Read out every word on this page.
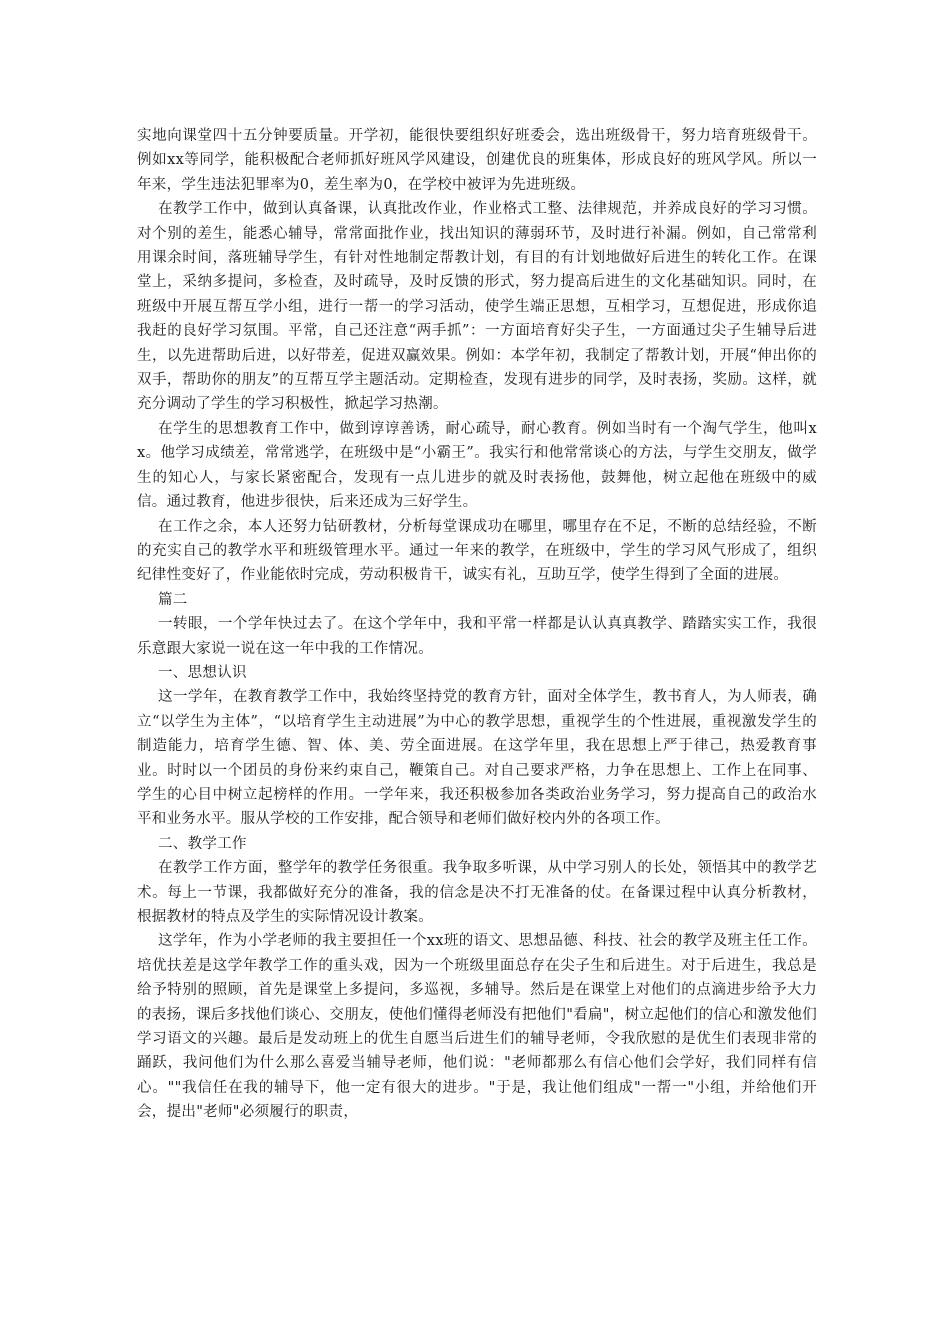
实地向课堂四十五分钟要质量。开学初，能很快要组织好班委会，选出班级骨干，努力培育班级骨干。例如xx等同学，能积极配合老师抓好班风学风建设，创建优良的班集体，形成良好的班风学风。所以一年来，学生违法犯罪率为0，差生率为0，在学校中被评为先进班级。

在教学工作中，做到认真备课，认真批改作业，作业格式工整、法律规范，并养成良好的学习习惯。对个别的差生，能悉心辅导，常常面批作业，找出知识的薄弱环节，及时进行补漏。例如，自己常常利用课余时间，落班辅导学生，有针对性地制定帮教计划，有目的有计划地做好后进生的转化工作。在课堂上，采纳多提问，多检查，及时疏导，及时反馈的形式，努力提高后进生的文化基础知识。同时，在班级中开展互帮互学小组，进行一帮一的学习活动，使学生端正思想，互相学习，互想促进，形成你追我赶的良好学习氛围。平常，自己还注意“两手抓”：一方面培育好尖子生，一方面通过尖子生辅导后进生，以先进帮助后进，以好带差，促进双赢效果。例如：本学年初，我制定了帮教计划，开展“伸出你的双手，帮助你的朋友”的互帮互学主题活动。定期检查，发现有进步的同学，及时表扬，奖励。这样，就充分调动了学生的学习积极性，掀起学习热潮。

在学生的思想教育工作中，做到谆谆善诱，耐心疏导，耐心教育。例如当时有一个淘气学生，他叫xx。他学习成绩差，常常逃学，在班级中是“小霸王”。我实行和他常常谈心的方法，与学生交朋友，做学生的知心人，与家长紧密配合，发现有一点儿进步的就及时表扬他，鼓舞他，树立起他在班级中的威信。通过教育，他进步很快，后来还成为三好学生。

在工作之余，本人还努力钻研教材，分析每堂课成功在哪里，哪里存在不足，不断的总结经验，不断的充实自己的教学水平和班级管理水平。通过一年来的教学，在班级中，学生的学习风气形成了，组织纪律性变好了，作业能依时完成，劳动积极肯干，诚实有礼，互助互学，使学生得到了全面的进展。

篇二

一转眼，一个学年快过去了。在这个学年中，我和平常一样都是认认真真教学、踏踏实实工作，我很乐意跟大家说一说在这一年中我的工作情况。

一、思想认识

这一学年，在教育教学工作中，我始终坚持党的教育方针，面对全体学生，教书育人，为人师表，确立“以学生为主体”，“以培育学生主动进展”为中心的教学思想，重视学生的个性进展，重视激发学生的制造能力，培育学生德、智、体、美、劳全面进展。在这学年里，我在思想上严于律己，热爱教育事业。时时以一个团员的身份来约束自己，鞭策自己。对自己要求严格，力争在思想上、工作上在同事、学生的心目中树立起榜样的作用。一学年来，我还积极参加各类政治业务学习，努力提高自己的政治水平和业务水平。服从学校的工作安排，配合领导和老师们做好校内外的各项工作。

二、教学工作

在教学工作方面，整学年的教学任务很重。我争取多听课，从中学习别人的长处，领悟其中的教学艺术。每上一节课，我都做好充分的准备，我的信念是决不打无准备的仗。在备课过程中认真分析教材，根据教材的特点及学生的实际情况设计教案。

这学年，作为小学老师的我主要担任一个xx班的语文、思想品德、科技、社会的教学及班主任工作。培优扶差是这学年教学工作的重头戏，因为一个班级里面总存在尖子生和后进生。对于后进生，我总是给予特别的照顾，首先是课堂上多提问，多巡视，多辅导。然后是在课堂上对他们的点滴进步给予大力的表扬，课后多找他们谈心、交朋友，使他们懂得老师没有把他们"看扁"，树立起他们的信心和激发他们学习语文的兴趣。最后是发动班上的优生自愿当后进生们的辅导老师，令我欣慰的是优生们表现非常的踊跃，我问他们为什么那么喜爱当辅导老师，他们说："老师都那么有信心他们会学好，我们同样有信心。""我信任在我的辅导下，他一定有很大的进步。"于是，我让他们组成"一帮一"小组，并给他们开会，提出"老师"必须履行的职责，
